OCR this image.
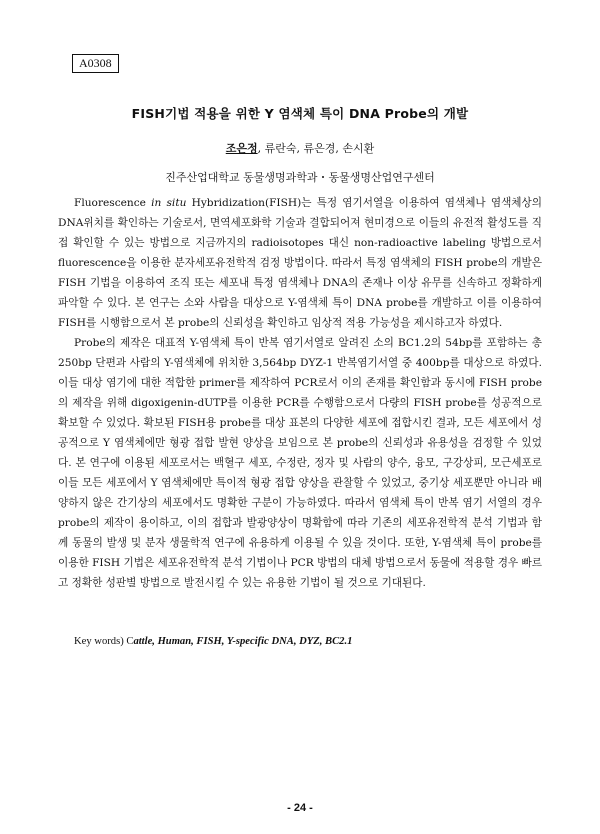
A0308
FISH기법 적용을 위한 Y 염색체 특이 DNA Probe의 개발
조은정, 류란숙, 류은경, 손시환
진주산업대학교 동물생명과학과・동물생명산업연구센터

Fluorescence in situ Hybridization(FISH)는 특정 염기서열을 이용하여 염색체나 염색체상의 DNA위치를 확인하는 기술로서, 면역세포화학 기술과 결합되어져 현미경으로 이들의 유전적 활성도를 직접 확인할 수 있는 방법으로 지금까지의 radioisotopes 대신 non-radioactive labeling 방법으로서 fluorescence을 이용한 분자세포유전학적 검정 방법이다. 따라서 특정 염색체의 FISH probe의 개발은 FISH 기법을 이용하여 조직 또는 세포내 특정 염색체나 DNA의 존재나 이상 유무를 신속하고 정확하게 파악할 수 있다. 본 연구는 소와 사람을 대상으로 Y-염색체 특이 DNA probe를 개발하고 이를 이용하여 FISH를 시행함으로서 본 probe의 신뢰성을 확인하고 임상적 적용 가능성을 제시하고자 하였다.

Probe의 제작은 대표적 Y-염색체 특이 반복 염기서열로 알려진 소의 BC1.2의 54bp를 포함하는 총 250bp 단편과 사람의 Y-염색체에 위치한 3,564bp DYZ-1 반복염기서열 중 400bp를 대상으로 하였다. 이들 대상 염기에 대한 적합한 primer를 제작하여 PCR로서 이의 존재를 확인함과 동시에 FISH probe의 제작을 위해 digoxigenin-dUTP를 이용한 PCR를 수행함으로서 다량의 FISH probe를 성공적으로 확보할 수 있었다. 확보된 FISH용 probe를 대상 표본의 다양한 세포에 접합시킨 결과, 모든 세포에서 성공적으로 Y 염색체에만 형광 접합 발현 양상을 보임으로 본 probe의 신뢰성과 유용성을 검정할 수 있었다. 본 연구에 이용된 세포로서는 백혈구 세포, 수정란, 정자 및 사람의 양수, 융모, 구강상피, 모근세포로 이들 모든 세포에서 Y 염색체에만 특이적 형광 접합 양상을 관찰할 수 있었고, 중기상 세포뿐만 아니라 배양하지 않은 간기상의 세포에서도 명확한 구분이 가능하였다. 따라서 염색체 특이 반복 염기 서열의 경우 probe의 제작이 용이하고, 이의 접합과 발광양상이 명확함에 따라 기존의 세포유전학적 분석 기법과 함께 동물의 발생 및 분자 생물학적 연구에 유용하게 이용될 수 있을 것이다. 또한, Y-염색체 특이 probe를 이용한 FISH 기법은 세포유전학적 분석 기법이나 PCR 방법의 대체 방법으로서 동물에 적용할 경우 빠르고 정확한 성판별 방법으로 발전시킬 수 있는 유용한 기법이 될 것으로 기대된다.

Key words) Cattle, Human, FISH, Y-specific DNA, DYZ, BC2.1
- 24 -
